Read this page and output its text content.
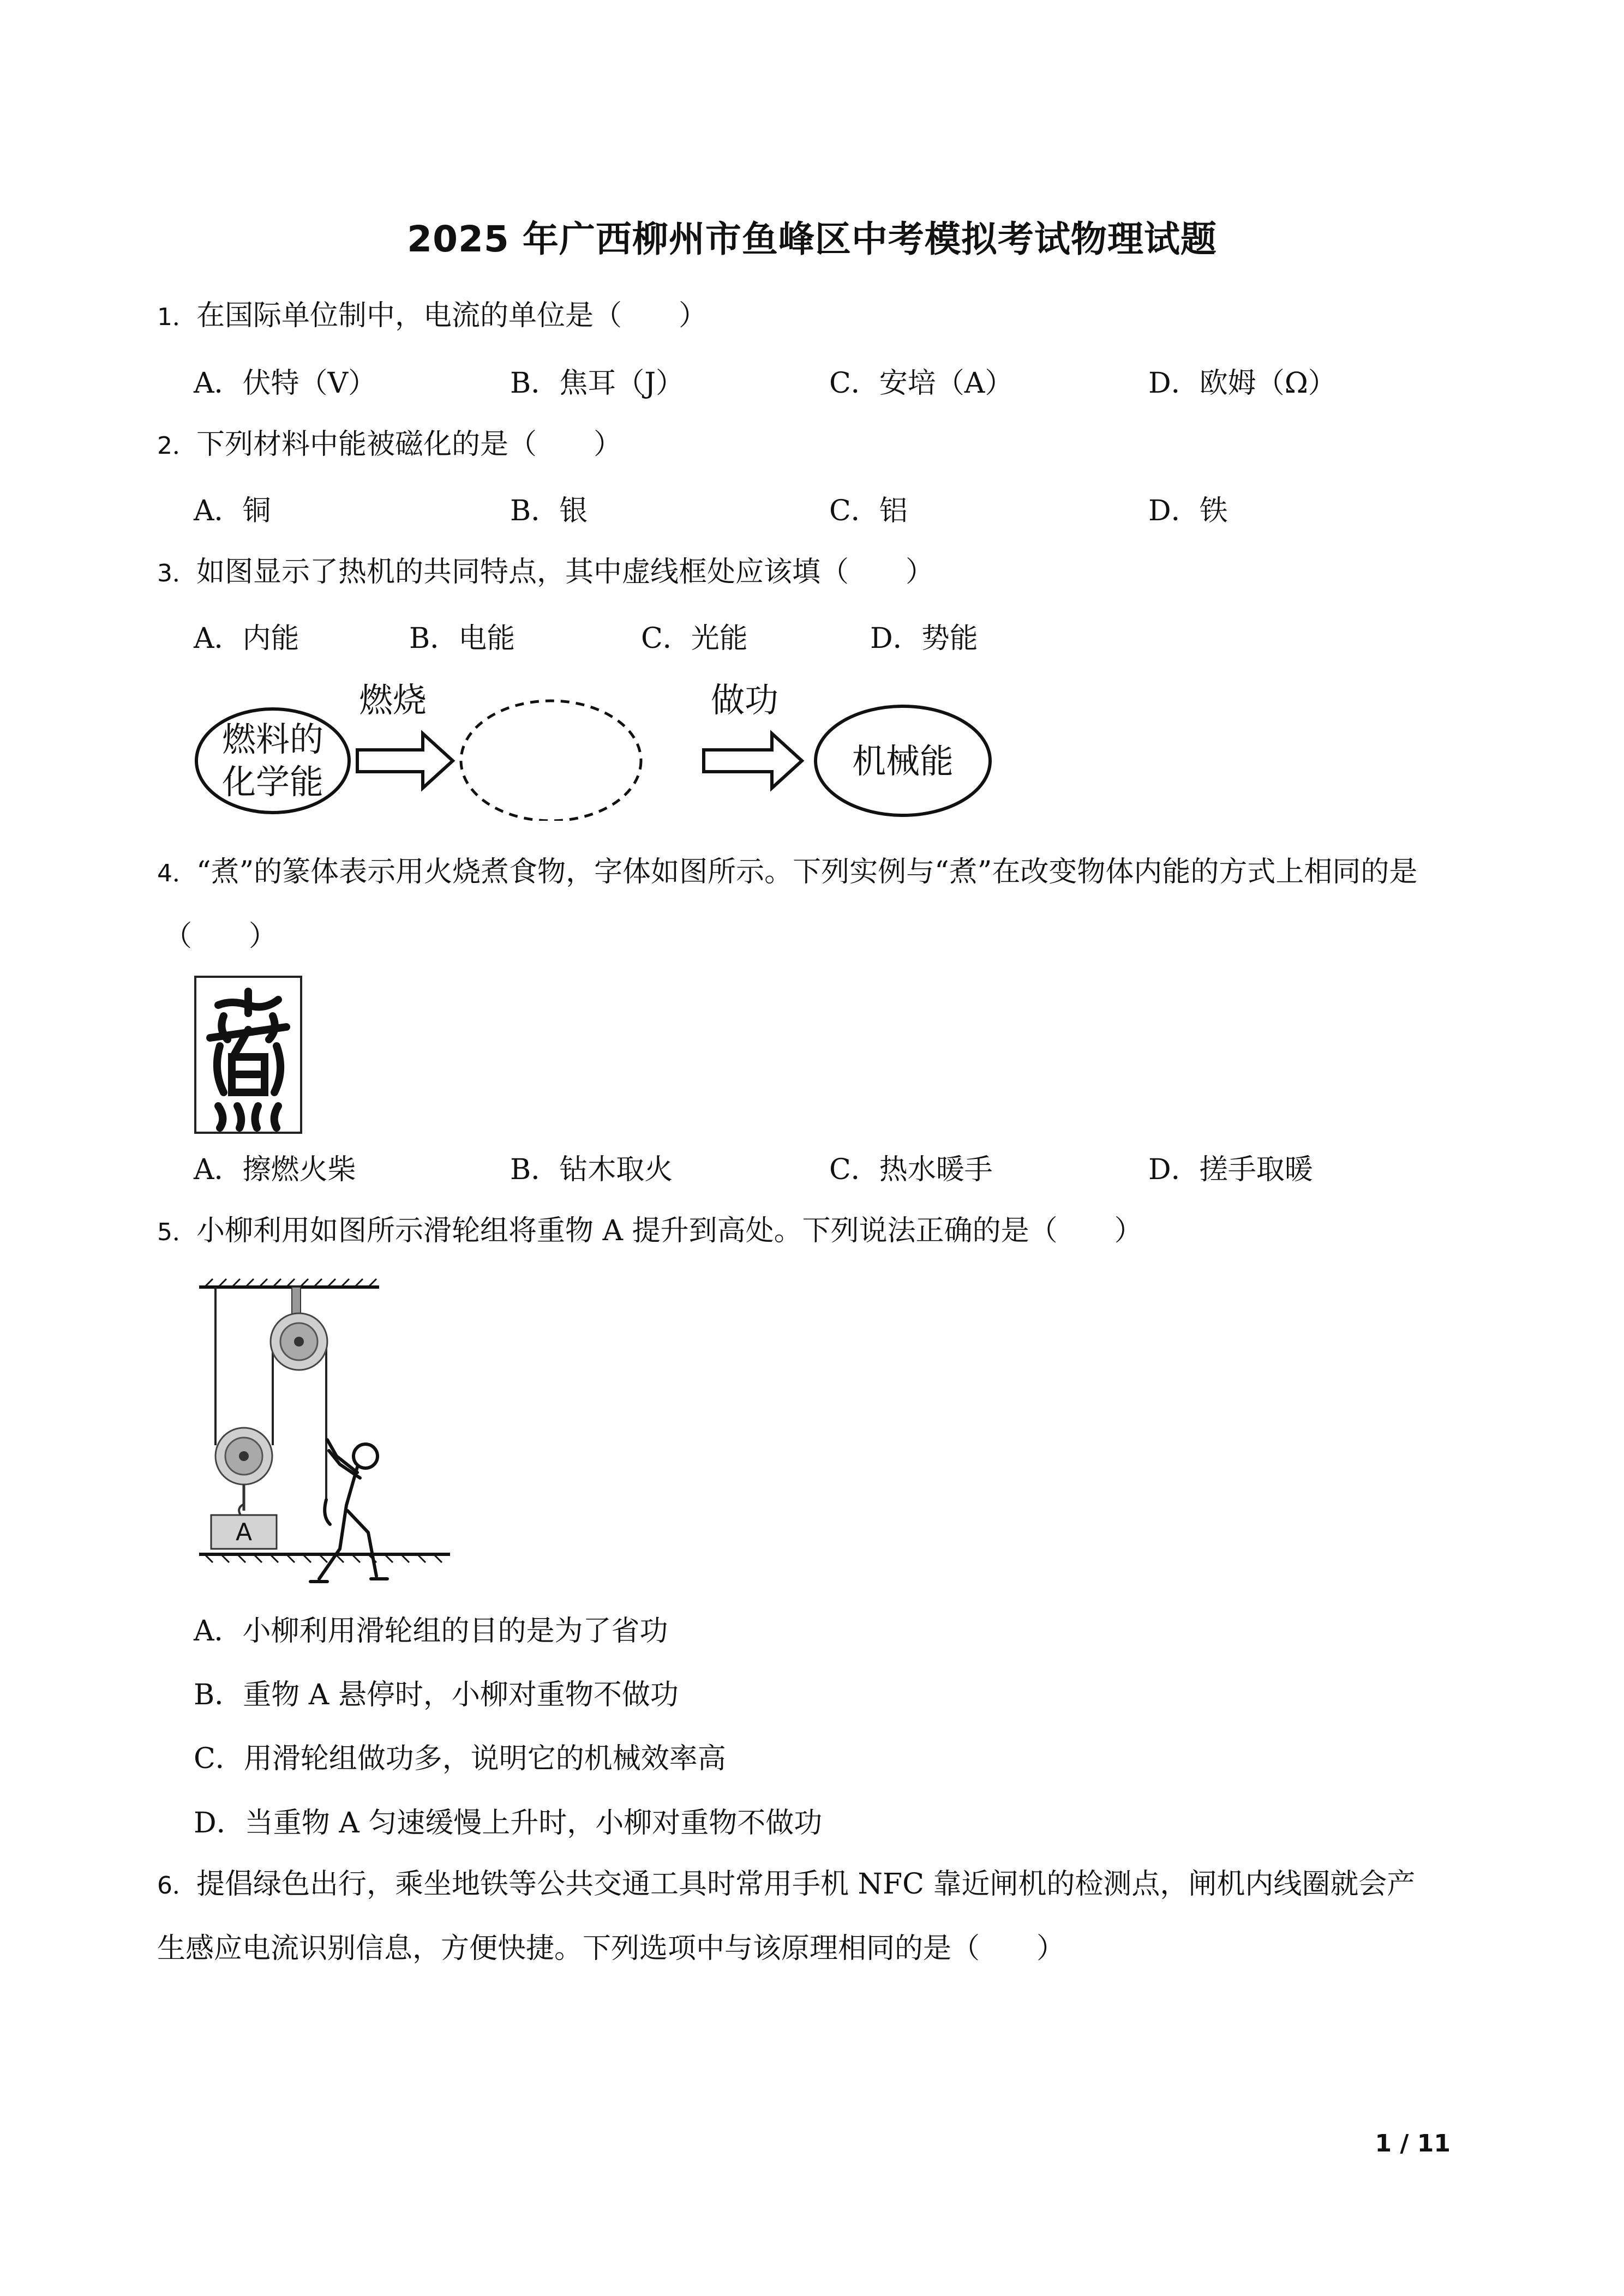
2025 年广西柳州市鱼峰区中考模拟考试物理试题
1．在国际单位制中，电流的单位是（　　）
A．伏特（V）	B．焦耳（J）	C．安培（A）	D．欧姆（Ω）
2．下列材料中能被磁化的是（　　）
A．铜	B．银	C．铝	D．铁
3．如图显示了热机的共同特点，其中虚线框处应该填（　　）
A．内能	B．电能	C．光能	D．势能
燃料的
化学能
燃烧	做功
机械能
4．“煮”的篆体表示用火烧煮食物，字体如图所示。下列实例与“煮”在改变物体内能的方式上相同的是
（　　）
A．擦燃火柴	B．钻木取火	C．热水暖手	D．搓手取暖
5．小柳利用如图所示滑轮组将重物 A 提升到高处。下列说法正确的是（　　）
A
A．小柳利用滑轮组的目的是为了省功
B．重物 A 悬停时，小柳对重物不做功
C．用滑轮组做功多，说明它的机械效率高
D．当重物 A 匀速缓慢上升时，小柳对重物不做功
6．提倡绿色出行，乘坐地铁等公共交通工具时常用手机 NFC 靠近闸机的检测点，闸机内线圈就会产
生感应电流识别信息，方便快捷。下列选项中与该原理相同的是（　　）
1 / 11
